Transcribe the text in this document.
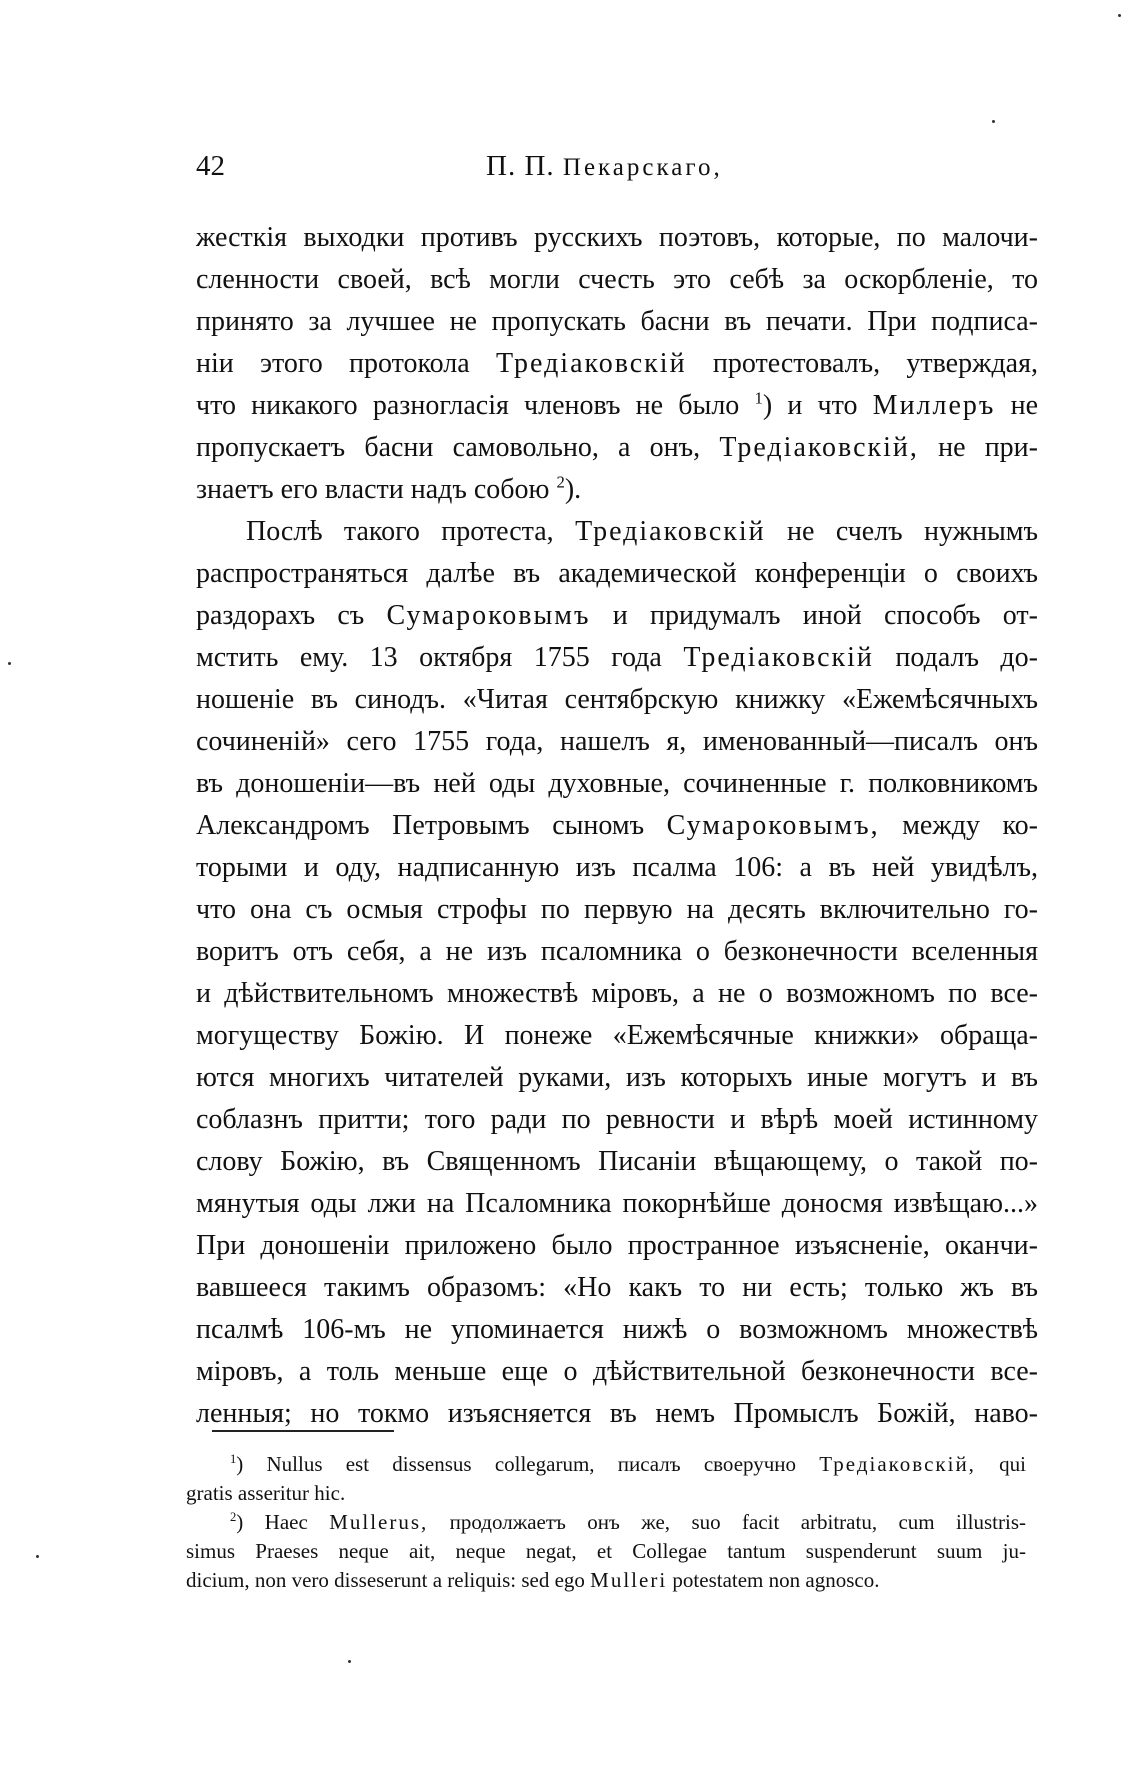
42	П. П. Пекарскаго,

жесткія выходки противъ русскихъ поэтовъ, которые, по малочи-
сленности своей, всѣ могли счесть это себѣ за оскорбленіе, то
принято за лучшее не пропускать басни въ печати. При подписа-
ніи этого протокола Тредіаковскій протестовалъ, утверждая,
что никакого разногласія членовъ не было $^1$) и что Миллеръ не
пропускаетъ басни самовольно, а онъ, Тредіаковскій, не при-
знаетъ его власти надъ собою $^2$).

Послѣ такого протеста, Тредіаковскій не счелъ нужнымъ
распространяться далѣе въ академической конференціи о своихъ
раздорахъ съ Сумароковымъ и придумалъ иной способъ от-
мстить ему. 13 октября 1755 года Тредіаковскій подалъ до-
ношеніе въ синодъ. «Читая сентябрскую книжку «Ежемѣсячныхъ
сочиненій» сего 1755 года, нашелъ я, именованный—писалъ онъ
въ доношеніи—въ ней оды духовные, сочиненные г. полковникомъ
Александромъ Петровымъ сыномъ Сумароковымъ, между ко-
торыми и оду, надписанную изъ псалма 106: а въ ней увидѣлъ,
что она съ осмыя строфы по первую на десять включительно го-
воритъ отъ себя, а не изъ псаломника о безконечности вселенныя
и дѣйствительномъ множествѣ міровъ, а не о возможномъ по все-
могуществу Божію. И понеже «Ежемѣсячные книжки» обраща-
ются многихъ читателей руками, изъ которыхъ иные могутъ и въ
соблазнъ притти; того ради по ревности и вѣрѣ моей истинному
слову Божію, въ Священномъ Писаніи вѣщающему, о такой по-
мянутыя оды лжи на Псаломника покорнѣйше доносмя извѣщаю...»
При доношеніи приложено было пространное изъясненіе, оканчи-
вавшееся такимъ образомъ: «Но какъ то ни есть; только жъ въ
псалмѣ 106-мъ не упоминается нижѣ о возможномъ множествѣ
міровъ, а толь меньше еще о дѣйствительной безконечности все-
ленныя; но токмо изъясняется въ немъ Промыслъ Божій, наво-

$^1$) Nullus est dissensus collegarum, писалъ своеручно Тредіаковскій, qui
gratis asseritur hic.
$^2$) Haec Mullerus, продолжаетъ онъ же, suo facit arbitratu, cum illustris-
simus Praeses neque ait, neque negat, et Collegae tantum suspenderunt suum ju-
dicium, non vero disseserunt a reliquis: sed ego Mulleri potestatem non agnosco.
